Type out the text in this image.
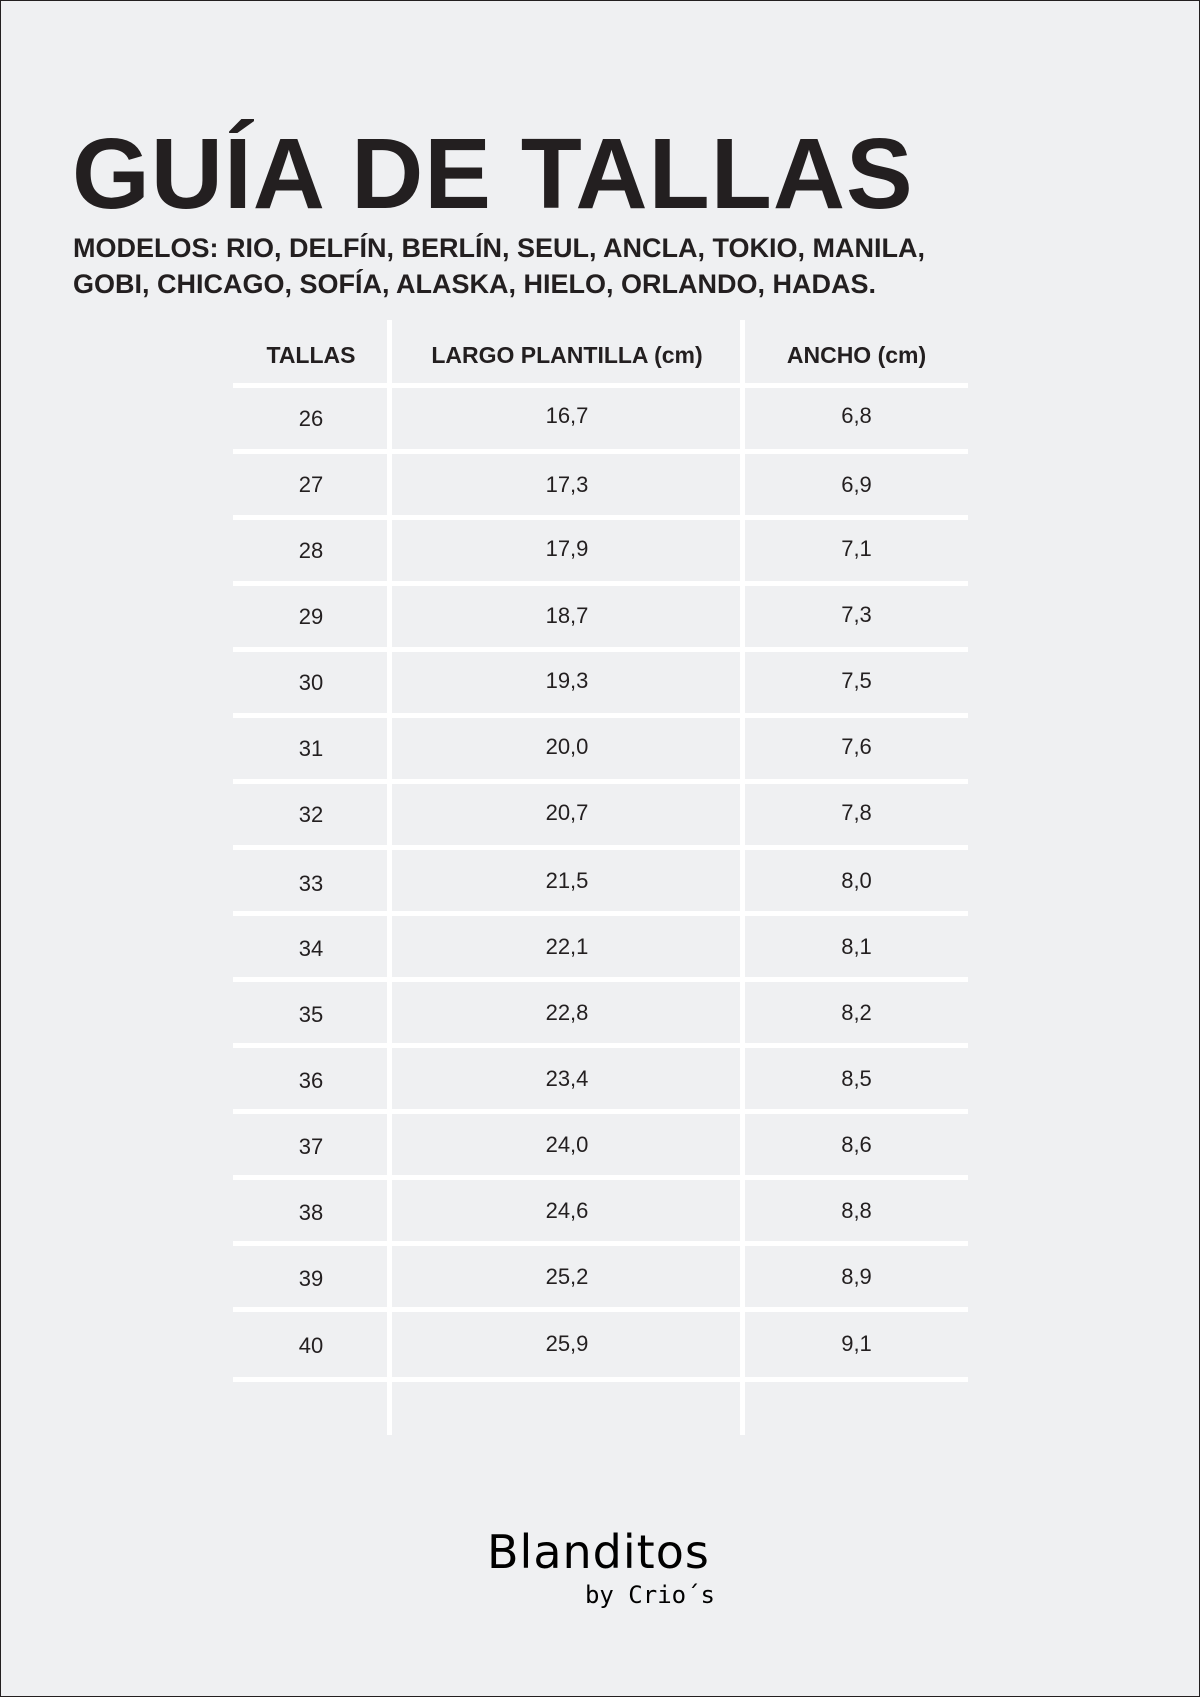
GUÍA DE TALLAS

MODELOS: RIO, DELFÍN, BERLÍN, SEUL, ANCLA, TOKIO, MANILA,
GOBI, CHICAGO, SOFÍA, ALASKA, HIELO, ORLANDO, HADAS.

TALLAS	LARGO PLANTILLA (cm)	ANCHO (cm)
26	16,7	6,8
27	17,3	6,9
28	17,9	7,1
29	18,7	7,3
30	19,3	7,5
31	20,0	7,6
32	20,7	7,8
33	21,5	8,0
34	22,1	8,1
35	22,8	8,2
36	23,4	8,5
37	24,0	8,6
38	24,6	8,8
39	25,2	8,9
40	25,9	9,1
Blanditos
by Crio´s
